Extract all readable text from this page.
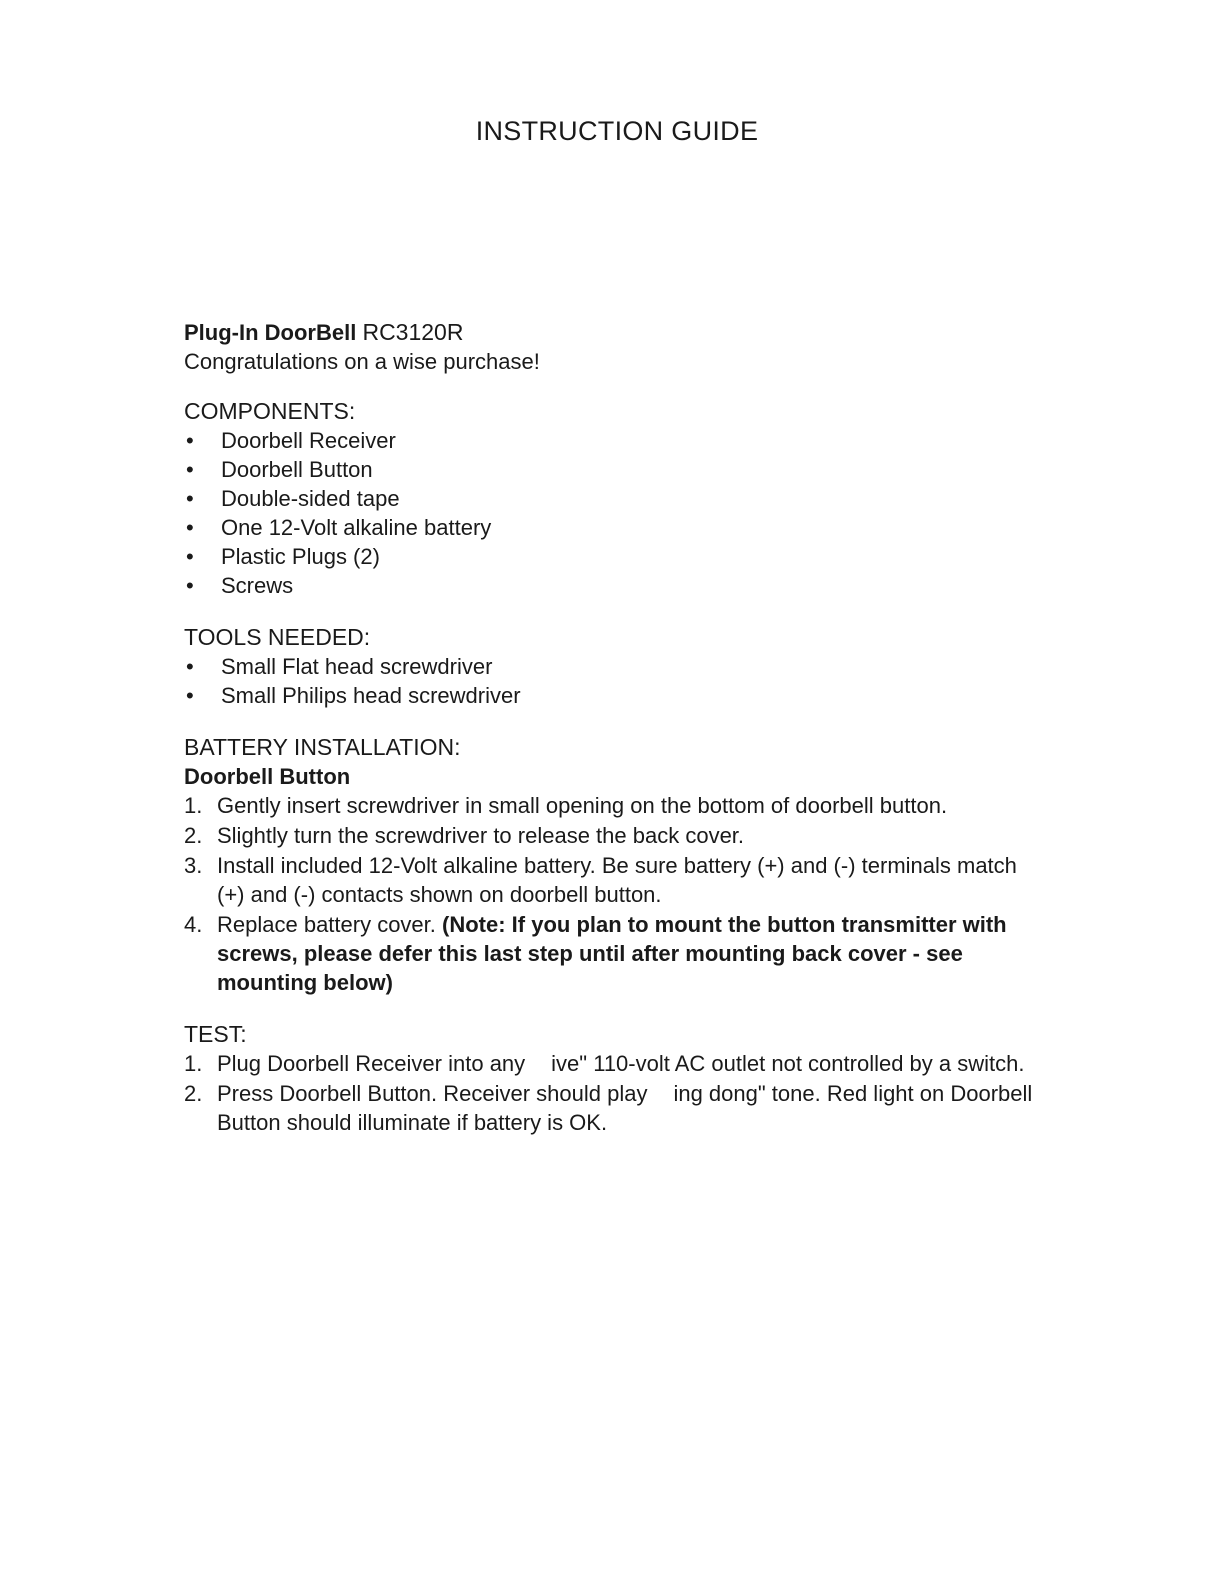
INSTRUCTION GUIDE

Plug-In DoorBell RC3120R

Congratulations on a wise purchase!

COMPONENTS:

• Doorbell Receiver
• Doorbell Button
• Double-sided tape
• One 12-Volt alkaline battery
• Plastic Plugs (2)
• Screws

TOOLS NEEDED:

• Small Flat head screwdriver
• Small Philips head screwdriver

BATTERY INSTALLATION:

Doorbell Button

1. Gently insert screwdriver in small opening on the bottom of doorbell button.
2. Slightly turn the screwdriver to release the back cover.
3. Install included 12-Volt alkaline battery. Be sure battery (+) and (-) terminals match (+) and (-) contacts shown on doorbell button.
4. Replace battery cover. (Note: If you plan to mount the button transmitter with screws, please defer this last step until after mounting back cover - see mounting below)

TEST:

1. Plug Doorbell Receiver into any ive" 110-volt AC outlet not controlled by a switch.
2. Press Doorbell Button. Receiver should play ing dong" tone. Red light on Doorbell Button should illuminate if battery is OK.
